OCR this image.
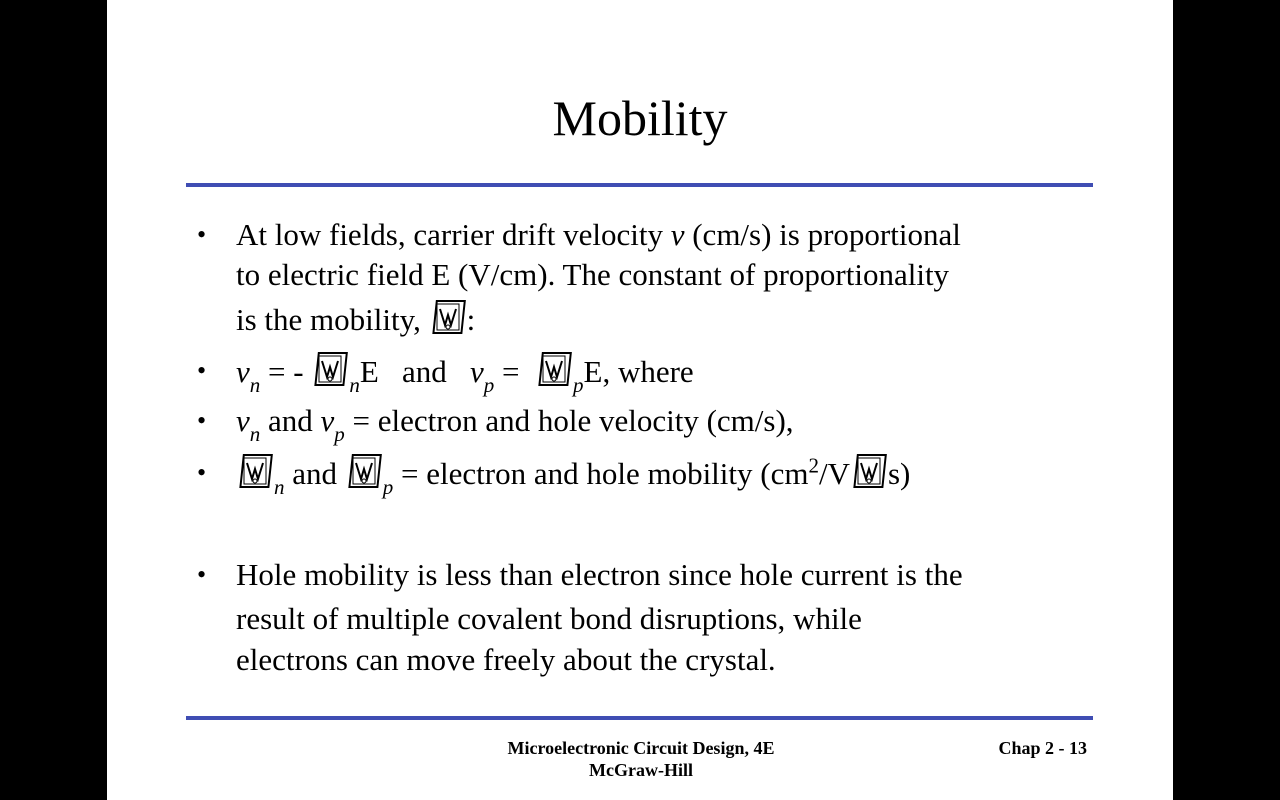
Mobility
• At low fields, carrier drift velocity v (cm/s) is proportional
to electric field E (V/cm). The constant of proportionality
is the mobility,
:
• $v_n$ = -
$_n$E   and   $v_p$ =
$_p$E, where
• $v_n$ and $v_p$ = electron and hole velocity (cm/s),
•
$_n$ and
$_p$ = electron and hole mobility ($cm^2/V$ s)
• Hole mobility is less than electron since hole current is the
result of multiple covalent bond disruptions, while
electrons can move freely about the crystal.
Microelectronic Circuit Design, 4E
McGraw-Hill
Chap 2 - 13
